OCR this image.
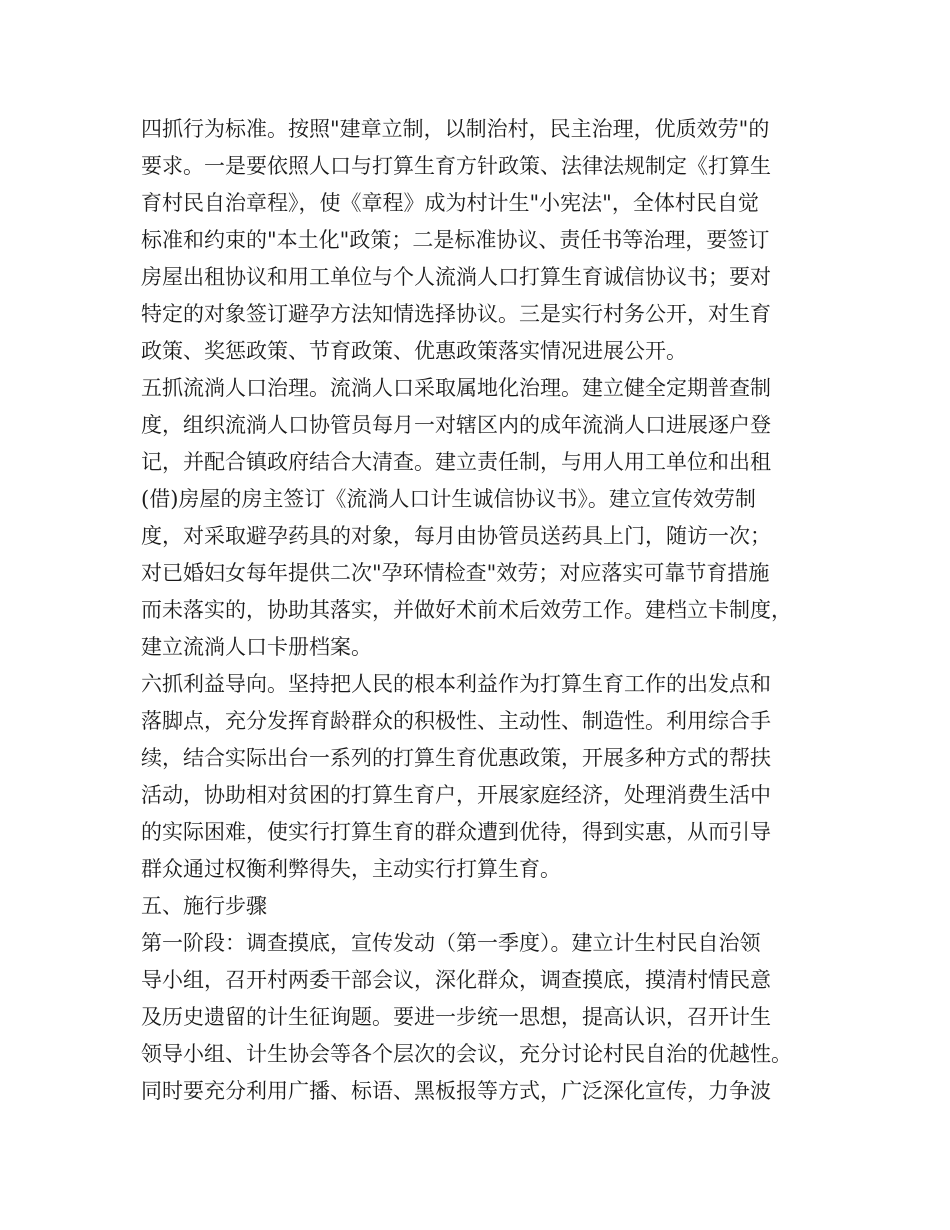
四抓行为标准。按照"建章立制，以制治村，民主治理，优质效劳"的
要求。一是要依照人口与打算生育方针政策、法律法规制定《打算生
育村民自治章程》，使《章程》成为村计生"小宪法"，全体村民自觉
标准和约束的"本土化"政策；二是标准协议、责任书等治理，要签订
房屋出租协议和用工单位与个人流淌人口打算生育诚信协议书；要对
特定的对象签订避孕方法知情选择协议。三是实行村务公开，对生育
政策、奖惩政策、节育政策、优惠政策落实情况进展公开。
五抓流淌人口治理。流淌人口采取属地化治理。建立健全定期普查制
度，组织流淌人口协管员每月一对辖区内的成年流淌人口进展逐户登
记，并配合镇政府结合大清查。建立责任制，与用人用工单位和出租
(借)房屋的房主签订《流淌人口计生诚信协议书》。建立宣传效劳制
度，对采取避孕药具的对象，每月由协管员送药具上门，随访一次；
对已婚妇女每年提供二次"孕环情检查"效劳；对应落实可靠节育措施
而未落实的，协助其落实，并做好术前术后效劳工作。建档立卡制度，
建立流淌人口卡册档案。
六抓利益导向。坚持把人民的根本利益作为打算生育工作的出发点和
落脚点，充分发挥育龄群众的积极性、主动性、制造性。利用综合手
续，结合实际出台一系列的打算生育优惠政策，开展多种方式的帮扶
活动，协助相对贫困的打算生育户，开展家庭经济，处理消费生活中
的实际困难，使实行打算生育的群众遭到优待，得到实惠，从而引导
群众通过权衡利弊得失，主动实行打算生育。
五、施行步骤
第一阶段：调查摸底，宣传发动（第一季度）。建立计生村民自治领
导小组，召开村两委干部会议，深化群众，调查摸底，摸清村情民意
及历史遗留的计生征询题。要进一步统一思想，提高认识，召开计生
领导小组、计生协会等各个层次的会议，充分讨论村民自治的优越性。
同时要充分利用广播、标语、黑板报等方式，广泛深化宣传，力争波
